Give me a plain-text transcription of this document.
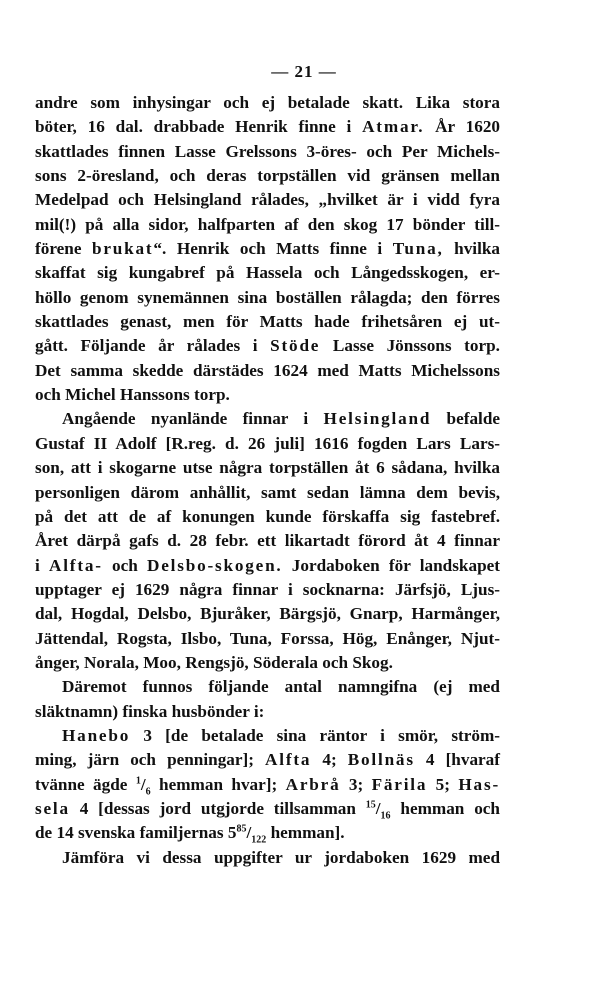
— 21 —
andre som inhysingar och ej betalade skatt. Lika stora
böter, 16 dal. drabbade Henrik finne i Atmar. År 1620
skattlades finnen Lasse Grelssons 3-öres- och Per Michels-
sons 2-öresland, och deras torpställen vid gränsen mellan
Medelpad och Helsingland rålades, „hvilket är i vidd fyra
mil(!) på alla sidor, halfparten af den skog 17 bönder till-
förene brukat“. Henrik och Matts finne i Tuna, hvilka
skaffat sig kungabref på Hassela och Långedsskogen, er-
höllo genom synemännen sina boställen rålagda; den förres
skattlades genast, men för Matts hade frihetsåren ej ut-
gått. Följande år rålades i Stöde Lasse Jönssons torp.
Det samma skedde därstädes 1624 med Matts Michelssons
och Michel Hanssons torp.
Angående nyanlände finnar i Helsingland befalde
Gustaf II Adolf [R.reg. d. 26 juli] 1616 fogden Lars Lars-
son, att i skogarne utse några torpställen åt 6 sådana, hvilka
personligen därom anhållit, samt sedan lämna dem bevis,
på det att de af konungen kunde förskaffa sig fastebref.
Året därpå gafs d. 28 febr. ett likartadt förord åt 4 finnar
i Alfta- och Delsbo-skogen. Jordaboken för landskapet
upptager ej 1629 några finnar i socknarna: Järfsjö, Ljus-
dal, Hogdal, Delsbo, Bjuråker, Bärgsjö, Gnarp, Harmånger,
Jättendal, Rogsta, Ilsbo, Tuna, Forssa, Hög, Enånger, Njut-
ånger, Norala, Moo, Rengsjö, Söderala och Skog.
Däremot funnos följande antal namngifna (ej med
släktnamn) finska husbönder i:
Hanebo 3 [de betalade sina räntor i smör, ström-
ming, järn och penningar]; Alfta 4; Bollnäs 4 [hvaraf
tvänne ägde $^1/_6$ hemman hvar]; Arbrå 3; Färila 5; Has-
sela 4 [dessas jord utgjorde tillsamman $^{15}/_{16}$ hemman och
de 14 svenska familjernas $5^{85}/_{122}$ hemman].
Jämföra vi dessa uppgifter ur jordaboken 1629 med
